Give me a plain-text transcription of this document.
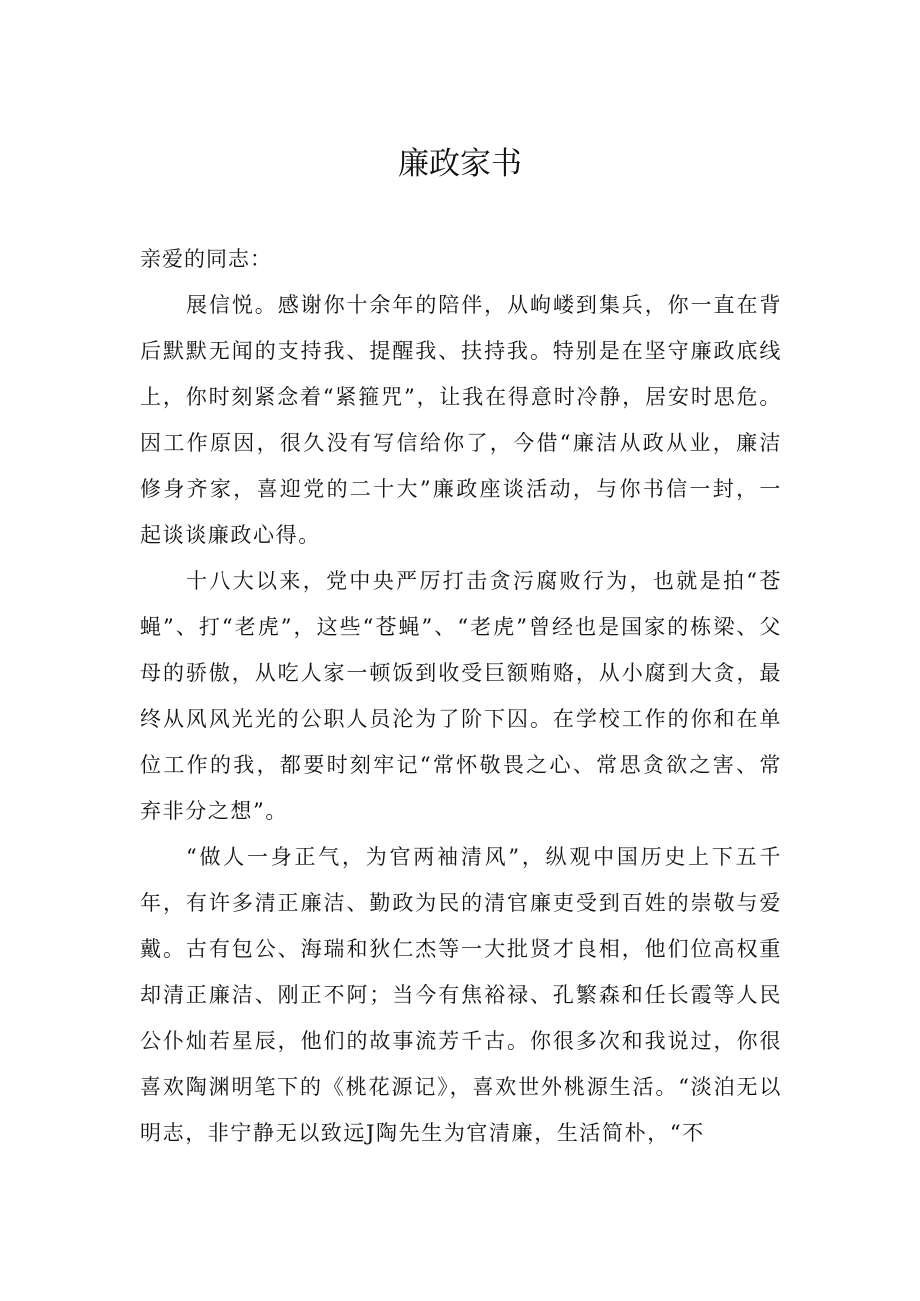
廉政家书

亲爱的同志：

展信悦。感谢你十余年的陪伴，从岣嵝到集兵，你一直在背后默默无闻的支持我、提醒我、扶持我。特别是在坚守廉政底线上，你时刻紧念着“紧箍咒”，让我在得意时冷静，居安时思危。因工作原因，很久没有写信给你了，今借“廉洁从政从业，廉洁修身齐家，喜迎党的二十大”廉政座谈活动，与你书信一封，一起谈谈廉政心得。

十八大以来，党中央严厉打击贪污腐败行为，也就是拍“苍蝇”、打“老虎”，这些“苍蝇”、“老虎”曾经也是国家的栋梁、父母的骄傲，从吃人家一顿饭到收受巨额贿赂，从小腐到大贪，最终从风风光光的公职人员沦为了阶下囚。在学校工作的你和在单位工作的我，都要时刻牢记“常怀敬畏之心、常思贪欲之害、常弃非分之想”。

“做人一身正气，为官两袖清风”，纵观中国历史上下五千年，有许多清正廉洁、勤政为民的清官廉吏受到百姓的崇敬与爱戴。古有包公、海瑞和狄仁杰等一大批贤才良相，他们位高权重却清正廉洁、刚正不阿；当今有焦裕禄、孔繁森和任长霞等人民公仆灿若星辰，他们的故事流芳千古。你很多次和我说过，你很喜欢陶渊明笔下的《桃花源记》，喜欢世外桃源生活。“淡泊无以明志，非宁静无以致远J陶先生为官清廉，生活简朴，“不
